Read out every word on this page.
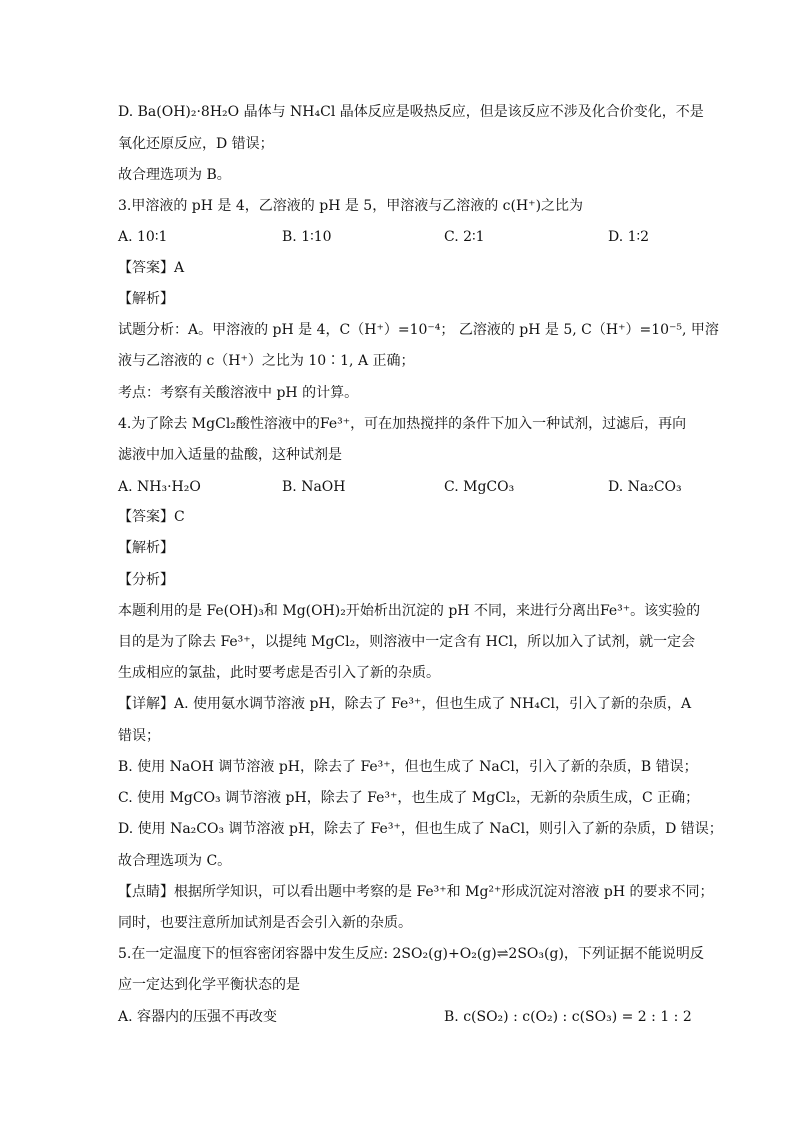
D. Ba(OH)₂·8H₂O 晶体与 NH₄Cl 晶体反应是吸热反应，但是该反应不涉及化合价变化，不是
氧化还原反应，D 错误；
故合理选项为 B。
3.甲溶液的 pH 是 4，乙溶液的 pH 是 5，甲溶液与乙溶液的 c(H⁺)之比为
A. 10∶1	B. 1∶10	C. 2∶1	D. 1∶2
【答案】A
【解析】
试题分析：A。甲溶液的 pH 是 4，C（H⁺）=10⁻⁴； 乙溶液的 pH 是 5, C（H⁺）=10⁻⁵, 甲溶
液与乙溶液的 c（H⁺）之比为 10∶1, A 正确；
考点：考察有关酸溶液中 pH 的计算。
4.为了除去 MgCl₂酸性溶液中的Fe³⁺，可在加热搅拌的条件下加入一种试剂，过滤后，再向
滤液中加入适量的盐酸，这种试剂是
A. NH₃·H₂O	B. NaOH	C. MgCO₃	D. Na₂CO₃
【答案】C
【解析】
【分析】
本题利用的是 Fe(OH)₃和 Mg(OH)₂开始析出沉淀的 pH 不同，来进行分离出Fe³⁺。该实验的
目的是为了除去 Fe³⁺，以提纯 MgCl₂，则溶液中一定含有 HCl，所以加入了试剂，就一定会
生成相应的氯盐，此时要考虑是否引入了新的杂质。
【详解】A. 使用氨水调节溶液 pH，除去了 Fe³⁺，但也生成了 NH₄Cl，引入了新的杂质，A
错误；
B. 使用 NaOH 调节溶液 pH，除去了 Fe³⁺，但也生成了 NaCl，引入了新的杂质，B 错误；
C. 使用 MgCO₃ 调节溶液 pH，除去了 Fe³⁺，也生成了 MgCl₂，无新的杂质生成，C 正确；
D. 使用 Na₂CO₃ 调节溶液 pH，除去了 Fe³⁺，但也生成了 NaCl，则引入了新的杂质，D 错误；
故合理选项为 C。
【点睛】根据所学知识，可以看出题中考察的是 Fe³⁺和 Mg²⁺形成沉淀对溶液 pH 的要求不同；
同时，也要注意所加试剂是否会引入新的杂质。
5.在一定温度下的恒容密闭容器中发生反应: 2SO₂(g)+O₂(g)⇌2SO₃(g)，下列证据不能说明反
应一定达到化学平衡状态的是
A. 容器内的压强不再改变	B. c(SO₂) : c(O₂) : c(SO₃) = 2 : 1 : 2
